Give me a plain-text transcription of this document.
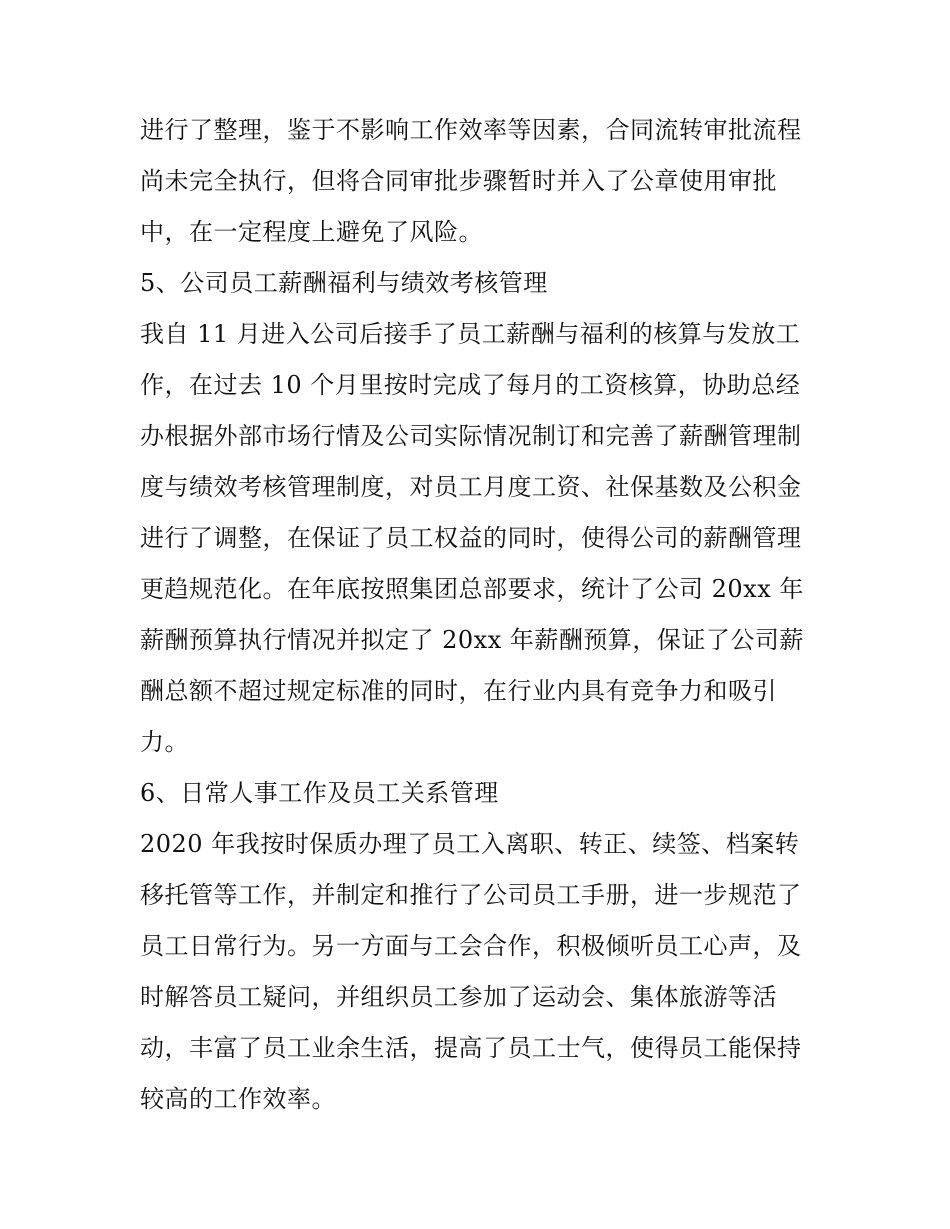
进行了整理，鉴于不影响工作效率等因素，合同流转审批流程
尚未完全执行，但将合同审批步骤暂时并入了公章使用审批
中，在一定程度上避免了风险。
5、公司员工薪酬福利与绩效考核管理
我自 11 月进入公司后接手了员工薪酬与福利的核算与发放工
作，在过去 10 个月里按时完成了每月的工资核算，协助总经
办根据外部市场行情及公司实际情况制订和完善了薪酬管理制
度与绩效考核管理制度，对员工月度工资、社保基数及公积金
进行了调整，在保证了员工权益的同时，使得公司的薪酬管理
更趋规范化。在年底按照集团总部要求，统计了公司 20xx 年
薪酬预算执行情况并拟定了 20xx 年薪酬预算，保证了公司薪
酬总额不超过规定标准的同时，在行业内具有竞争力和吸引
力。
6、日常人事工作及员工关系管理
2020 年我按时保质办理了员工入离职、转正、续签、档案转
移托管等工作，并制定和推行了公司员工手册，进一步规范了
员工日常行为。另一方面与工会合作，积极倾听员工心声，及
时解答员工疑问，并组织员工参加了运动会、集体旅游等活
动，丰富了员工业余生活，提高了员工士气，使得员工能保持
较高的工作效率。
